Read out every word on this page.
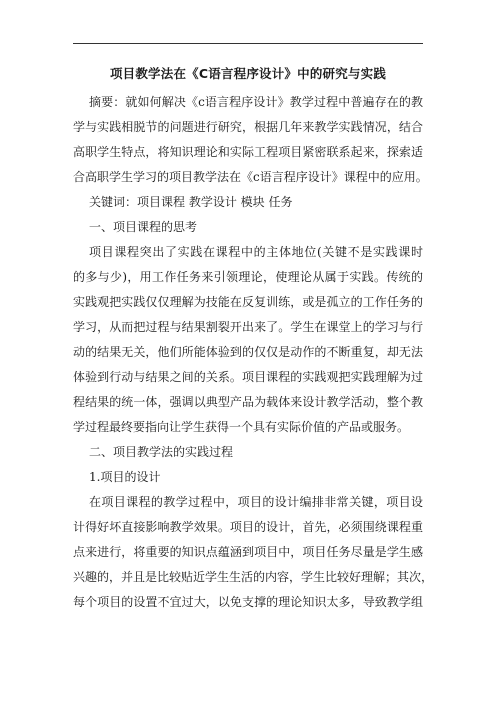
项目教学法在《C语言程序设计》中的研究与实践
摘要：就如何解决《c语言程序设计》教学过程中普遍存在的教
学与实践相脱节的问题进行研究，根据几年来教学实践情况，结合
高职学生特点，将知识理论和实际工程项目紧密联系起来，探索适
合高职学生学习的项目教学法在《c语言程序设计》课程中的应用。
关键词：项目课程 教学设计 模块 任务
一、项目课程的思考
项目课程突出了实践在课程中的主体地位(关键不是实践课时
的多与少)，用工作任务来引领理论，使理论从属于实践。传统的
实践观把实践仅仅理解为技能在反复训练，或是孤立的工作任务的
学习，从而把过程与结果割裂开出来了。学生在课堂上的学习与行
动的结果无关，他们所能体验到的仅仅是动作的不断重复，却无法
体验到行动与结果之间的关系。项目课程的实践观把实践理解为过
程结果的统一体，强调以典型产品为载体来设计教学活动，整个教
学过程最终要指向让学生获得一个具有实际价值的产品或服务。
二、项目教学法的实践过程
1.项目的设计
在项目课程的教学过程中，项目的设计编排非常关键，项目设
计得好坏直接影响教学效果。项目的设计，首先，必须围绕课程重
点来进行，将重要的知识点蕴涵到项目中，项目任务尽量是学生感
兴趣的，并且是比较贴近学生生活的内容，学生比较好理解；其次，
每个项目的设置不宜过大，以免支撑的理论知识太多，导致教学组
